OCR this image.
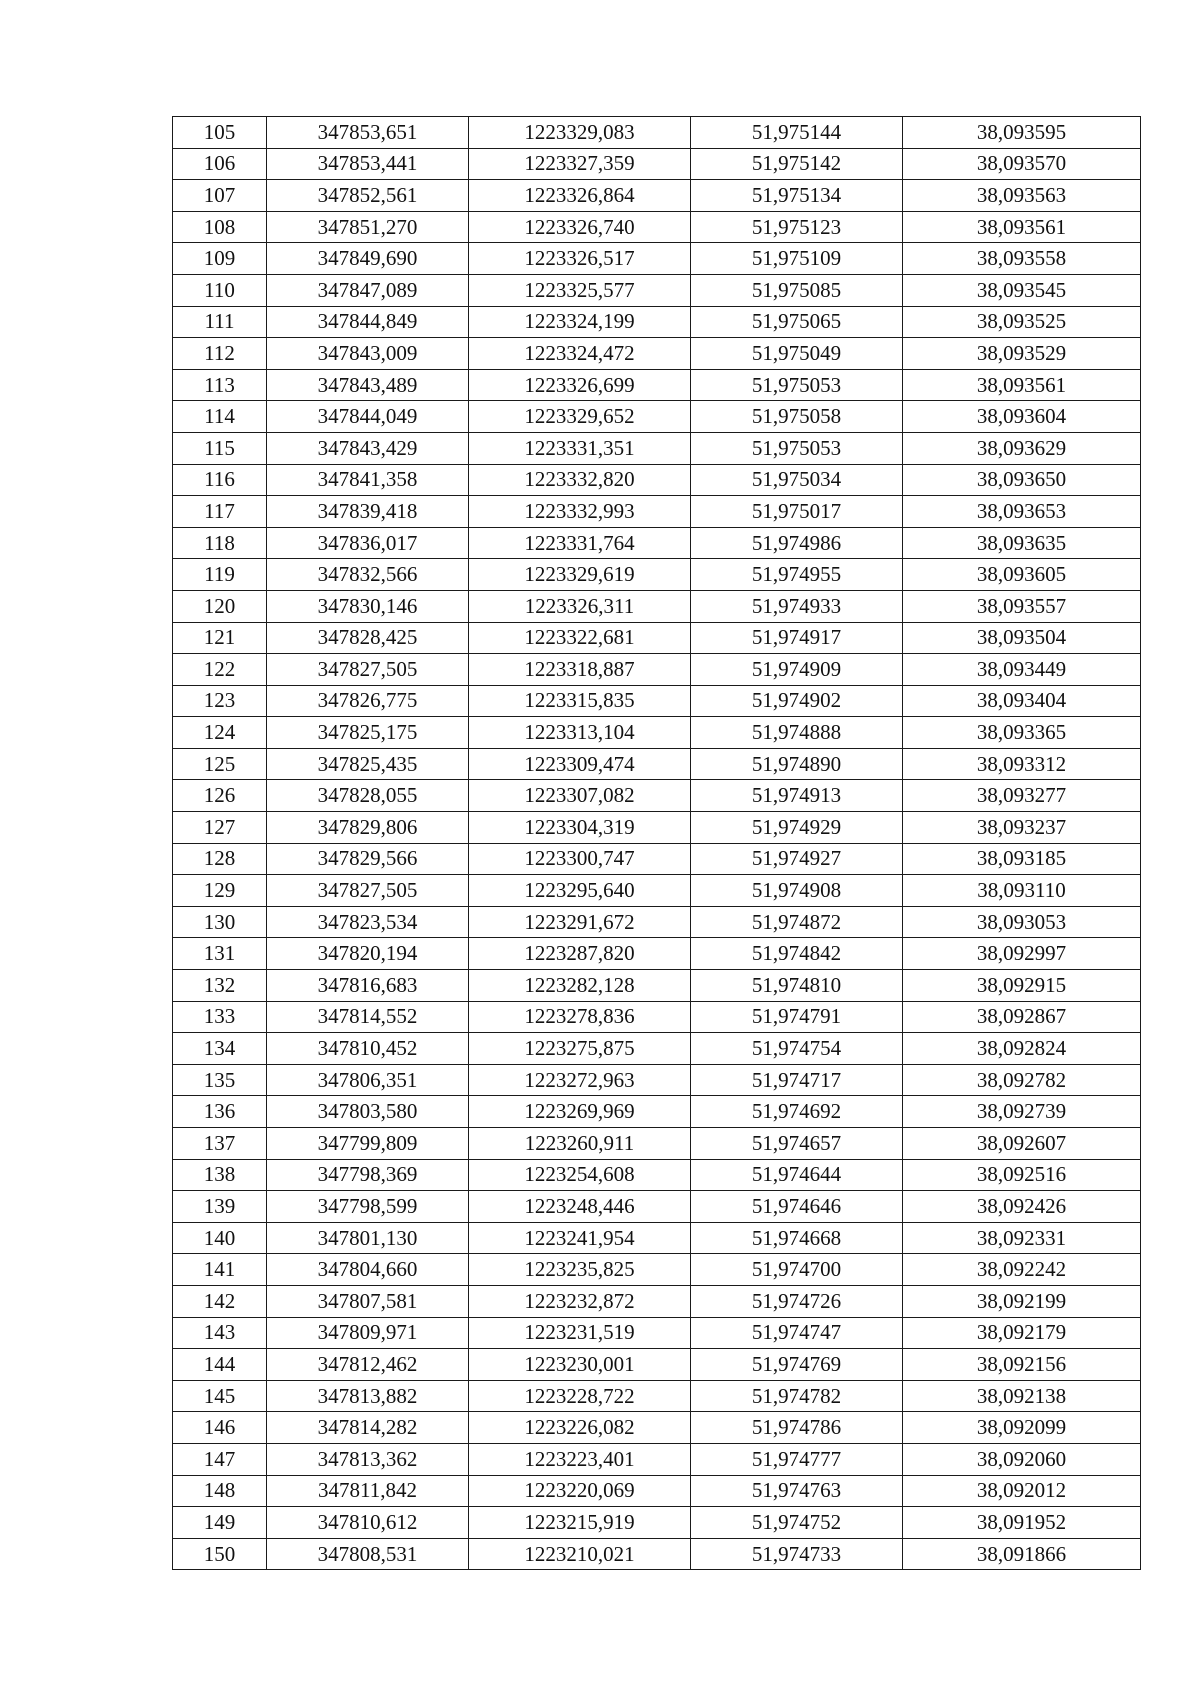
105	347853,651	1223329,083	51,975144	38,093595
106	347853,441	1223327,359	51,975142	38,093570
107	347852,561	1223326,864	51,975134	38,093563
108	347851,270	1223326,740	51,975123	38,093561
109	347849,690	1223326,517	51,975109	38,093558
110	347847,089	1223325,577	51,975085	38,093545
111	347844,849	1223324,199	51,975065	38,093525
112	347843,009	1223324,472	51,975049	38,093529
113	347843,489	1223326,699	51,975053	38,093561
114	347844,049	1223329,652	51,975058	38,093604
115	347843,429	1223331,351	51,975053	38,093629
116	347841,358	1223332,820	51,975034	38,093650
117	347839,418	1223332,993	51,975017	38,093653
118	347836,017	1223331,764	51,974986	38,093635
119	347832,566	1223329,619	51,974955	38,093605
120	347830,146	1223326,311	51,974933	38,093557
121	347828,425	1223322,681	51,974917	38,093504
122	347827,505	1223318,887	51,974909	38,093449
123	347826,775	1223315,835	51,974902	38,093404
124	347825,175	1223313,104	51,974888	38,093365
125	347825,435	1223309,474	51,974890	38,093312
126	347828,055	1223307,082	51,974913	38,093277
127	347829,806	1223304,319	51,974929	38,093237
128	347829,566	1223300,747	51,974927	38,093185
129	347827,505	1223295,640	51,974908	38,093110
130	347823,534	1223291,672	51,974872	38,093053
131	347820,194	1223287,820	51,974842	38,092997
132	347816,683	1223282,128	51,974810	38,092915
133	347814,552	1223278,836	51,974791	38,092867
134	347810,452	1223275,875	51,974754	38,092824
135	347806,351	1223272,963	51,974717	38,092782
136	347803,580	1223269,969	51,974692	38,092739
137	347799,809	1223260,911	51,974657	38,092607
138	347798,369	1223254,608	51,974644	38,092516
139	347798,599	1223248,446	51,974646	38,092426
140	347801,130	1223241,954	51,974668	38,092331
141	347804,660	1223235,825	51,974700	38,092242
142	347807,581	1223232,872	51,974726	38,092199
143	347809,971	1223231,519	51,974747	38,092179
144	347812,462	1223230,001	51,974769	38,092156
145	347813,882	1223228,722	51,974782	38,092138
146	347814,282	1223226,082	51,974786	38,092099
147	347813,362	1223223,401	51,974777	38,092060
148	347811,842	1223220,069	51,974763	38,092012
149	347810,612	1223215,919	51,974752	38,091952
150	347808,531	1223210,021	51,974733	38,091866
